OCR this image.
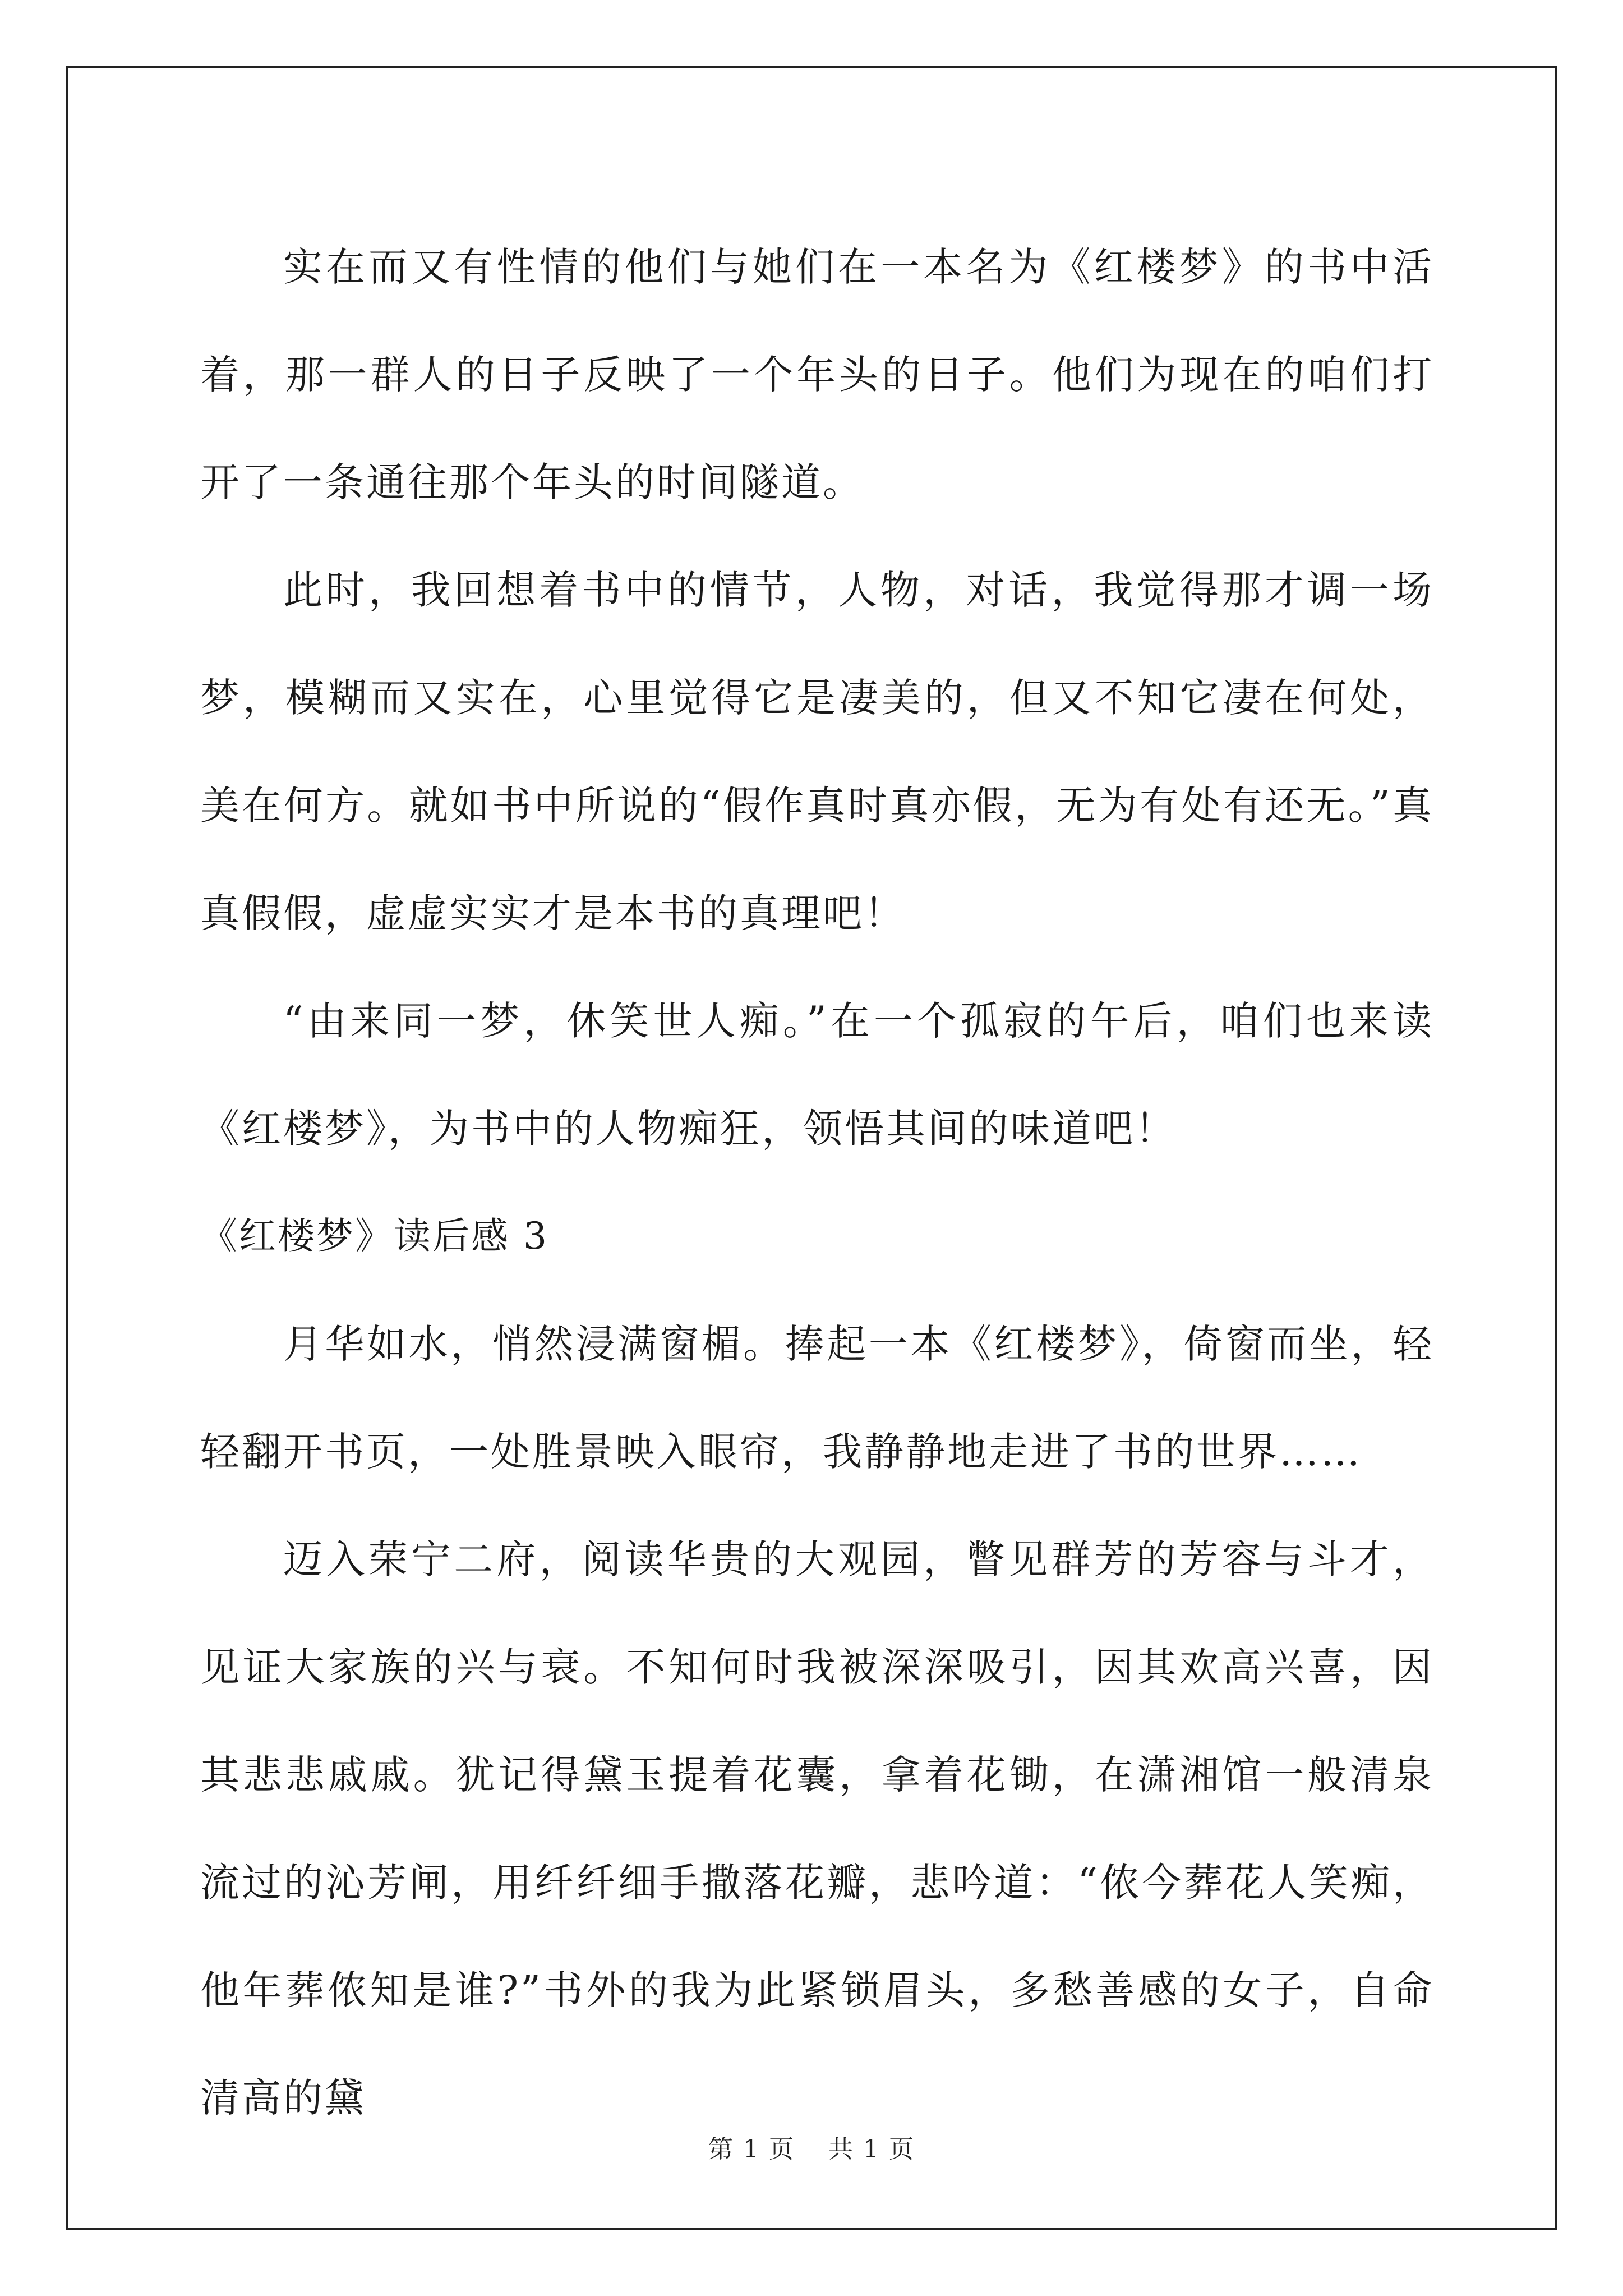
实在而又有性情的他们与她们在一本名为《红楼梦》的书中活着，那一群人的日子反映了一个年头的日子。他们为现在的咱们打开了一条通往那个年头的时间隧道。

此时，我回想着书中的情节，人物，对话，我觉得那才调一场梦，模糊而又实在，心里觉得它是凄美的，但又不知它凄在何处，美在何方。就如书中所说的“假作真时真亦假，无为有处有还无。”真真假假，虚虚实实才是本书的真理吧！

“由来同一梦，休笑世人痴。”在一个孤寂的午后，咱们也来读《红楼梦》，为书中的人物痴狂，领悟其间的味道吧！

《红楼梦》读后感 3

月华如水，悄然浸满窗楣。捧起一本《红楼梦》，倚窗而坐，轻轻翻开书页，一处胜景映入眼帘，我静静地走进了书的世界……

迈入荣宁二府，阅读华贵的大观园，瞥见群芳的芳容与斗才，见证大家族的兴与衰。不知何时我被深深吸引，因其欢高兴喜，因其悲悲戚戚。犹记得黛玉提着花囊，拿着花锄，在潇湘馆一般清泉流过的沁芳闸，用纤纤细手撒落花瓣，悲吟道：“侬今葬花人笑痴，他年葬侬知是谁?”书外的我为此紧锁眉头，多愁善感的女子，自命清高的黛

第 1 页 共 1 页
